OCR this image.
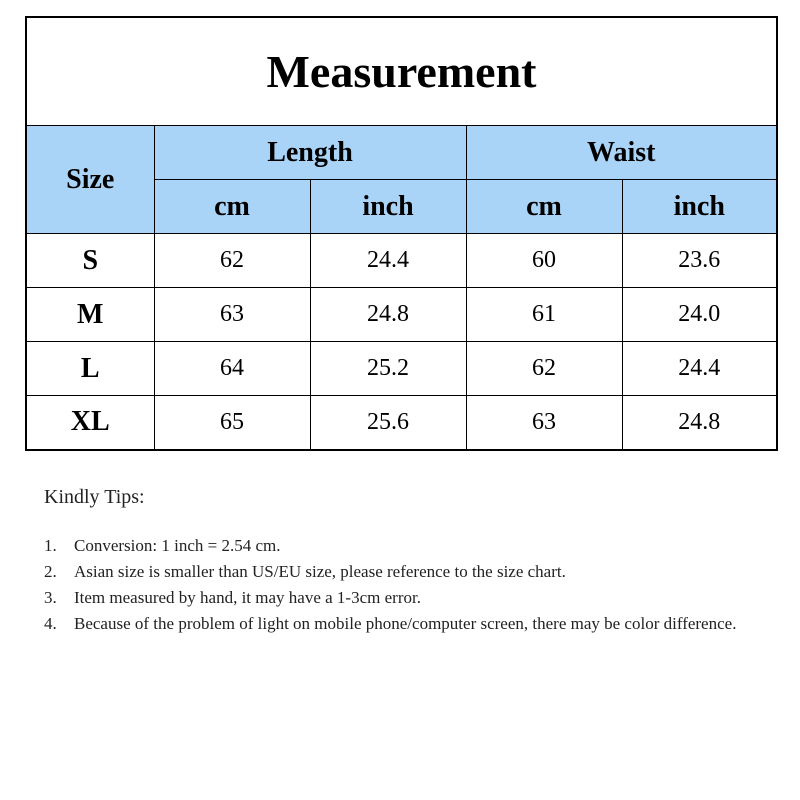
Measurement				
Size	Length		Waist	
	cm	inch	cm	inch
S	62	24.4	60	23.6
M	63	24.8	61	24.0
L	64	25.2	62	24.4
XL	65	25.6	63	24.8

Kindly Tips:

1.	Conversion: 1 inch = 2.54 cm.
2.	Asian size is smaller than US/EU size, please reference to the size chart.
3.	Item measured by hand, it may have a 1-3cm error.
4.	Because of the problem of light on mobile phone/computer screen, there may be color difference.
